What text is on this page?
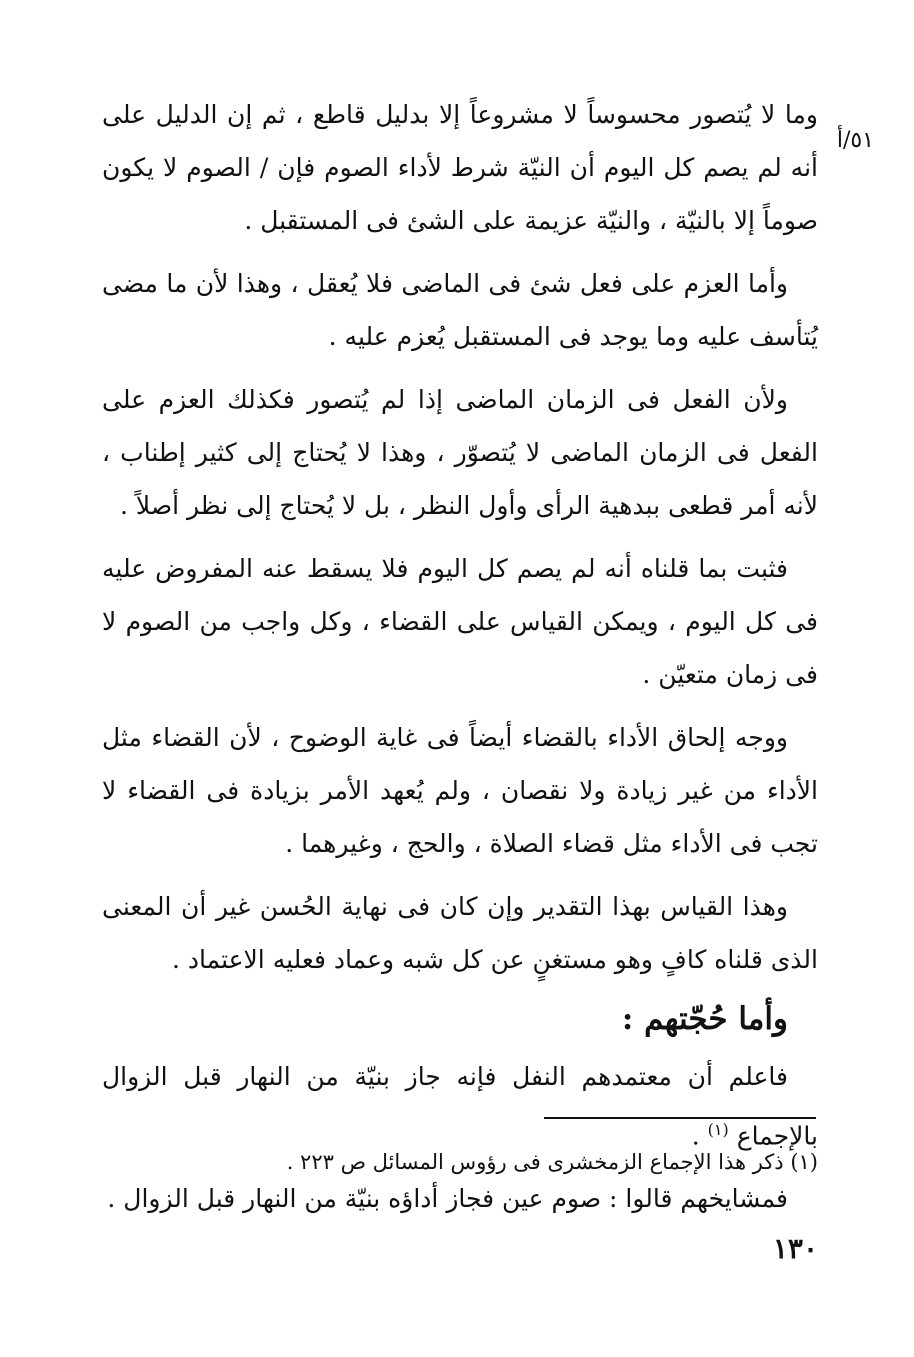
٥١/أ

وما لا يُتصور محسوساً لا مشروعاً إلا بدليل قاطع ، ثم إن الدليل على أنه لم يصم كل اليوم أن النيّة شرط لأداء الصوم فإن / الصوم لا يكون صوماً إلا بالنيّة ، والنيّة عزيمة على الشئ فى المستقبل .

وأما العزم على فعل شئ فى الماضى فلا يُعقل ، وهذا لأن ما مضى يُتأسف عليه وما يوجد فى المستقبل يُعزم عليه .

ولأن الفعل فى الزمان الماضى إذا لم يُتصور فكذلك العزم على الفعل فى الزمان الماضى لا يُتصوّر ، وهذا لا يُحتاج إلى كثير إطناب ، لأنه أمر قطعى ببدهية الرأى وأول النظر ، بل لا يُحتاج إلى نظر أصلاً .

فثبت بما قلناه أنه لم يصم كل اليوم فلا يسقط عنه المفروض عليه فى كل اليوم ، ويمكن القياس على القضاء ، وكل واجب من الصوم لا فى زمان متعيّن .

ووجه إلحاق الأداء بالقضاء أيضاً فى غاية الوضوح ، لأن القضاء مثل الأداء من غير زيادة ولا نقصان ، ولم يُعهد الأمر بزيادة فى القضاء لا تجب فى الأداء مثل قضاء الصلاة ، والحج ، وغيرهما .

وهذا القياس بهذا التقدير وإن كان فى نهاية الحُسن غير أن المعنى الذى قلناه كافٍ وهو مستغنٍ عن كل شبه وعماد فعليه الاعتماد .

وأما حُجّتهم :

فاعلم أن معتمدهم النفل فإنه جاز بنيّة من النهار قبل الزوال بالإجماع $^{(١)}$ .

فمشايخهم قالوا : صوم عين فجاز أداؤه بنيّة من النهار قبل الزوال .

(١) ذكر هذا الإجماع الزمخشرى فى رؤوس المسائل ص ٢٢٣ .
١٣٠
